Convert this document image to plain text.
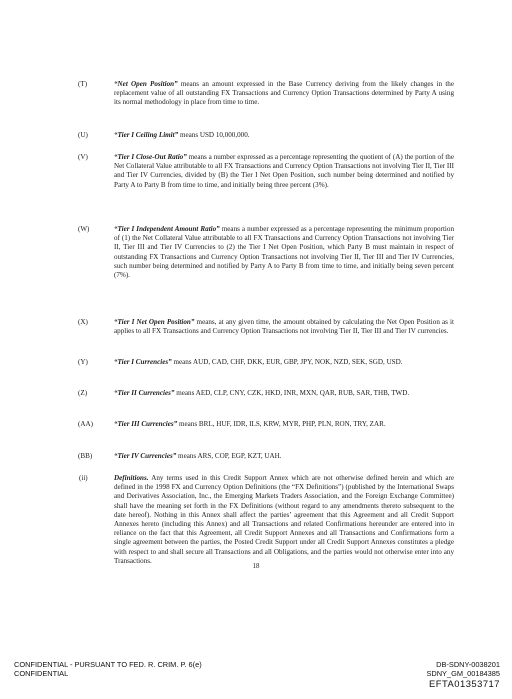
(T)	“Net Open Position” means an amount expressed in the Base Currency deriving from the likely changes in the replacement value of all outstanding FX Transactions and Currency Option Transactions determined by Party A using its normal methodology in place from time to time.
(U)	“Tier I Ceiling Limit” means USD 10,000,000.
(V)	“Tier I Close-Out Ratio” means a number expressed as a percentage representing the quotient of (A) the portion of the Net Collateral Value attributable to all FX Transactions and Currency Option Transactions not involving Tier II, Tier III and Tier IV Currencies, divided by (B) the Tier I Net Open Position, such number being determined and notified by Party A to Party B from time to time, and initially being three percent (3%).
(W)	“Tier I Independent Amount Ratio” means a number expressed as a percentage representing the minimum proportion of (1) the Net Collateral Value attributable to all FX Transactions and Currency Option Transactions not involving Tier II, Tier III and Tier IV Currencies to (2) the Tier I Net Open Position, which Party B must maintain in respect of outstanding FX Transactions and Currency Option Transactions not involving Tier II, Tier III and Tier IV Currencies, such number being determined and notified by Party A to Party B from time to time, and initially being seven percent (7%).
(X)	“Tier I Net Open Position” means, at any given time, the amount obtained by calculating the Net Open Position as it applies to all FX Transactions and Currency Option Transactions not involving Tier II, Tier III and Tier IV currencies.
(Y)	“Tier I Currencies” means AUD, CAD, CHF, DKK, EUR, GBP, JPY, NOK, NZD, SEK, SGD, USD.
(Z)	“Tier II Currencies” means AED, CLP, CNY, CZK, HKD, INR, MXN, QAR, RUB, SAR, THB, TWD.
(AA)	“Tier III Currencies” means BRL, HUF, IDR, ILS, KRW, MYR, PHP, PLN, RON, TRY, ZAR.
(BB)	“Tier IV Currencies” means ARS, COP, EGP, KZT, UAH.
(ii)	Definitions. Any terms used in this Credit Support Annex which are not otherwise defined herein and which are defined in the 1998 FX and Currency Option Definitions (the “FX Definitions”) (published by the International Swaps and Derivatives Association, Inc., the Emerging Markets Traders Association, and the Foreign Exchange Committee) shall have the meaning set forth in the FX Definitions (without regard to any amendments thereto subsequent to the date hereof). Nothing in this Annex shall affect the parties’ agreement that this Agreement and all Credit Support Annexes hereto (including this Annex) and all Transactions and related Confirmations hereunder are entered into in reliance on the fact that this Agreement, all Credit Support Annexes and all Transactions and Confirmations form a single agreement between the parties, the Posted Credit Support under all Credit Support Annexes constitutes a pledge with respect to and shall secure all Transactions and all Obligations, and the parties would not otherwise enter into any Transactions.
18
CONFIDENTIAL - PURSUANT TO FED. R. CRIM. P. 6(e)
CONFIDENTIAL
DB-SDNY-0038201
SDNY_GM_00184385
EFTA01353717
